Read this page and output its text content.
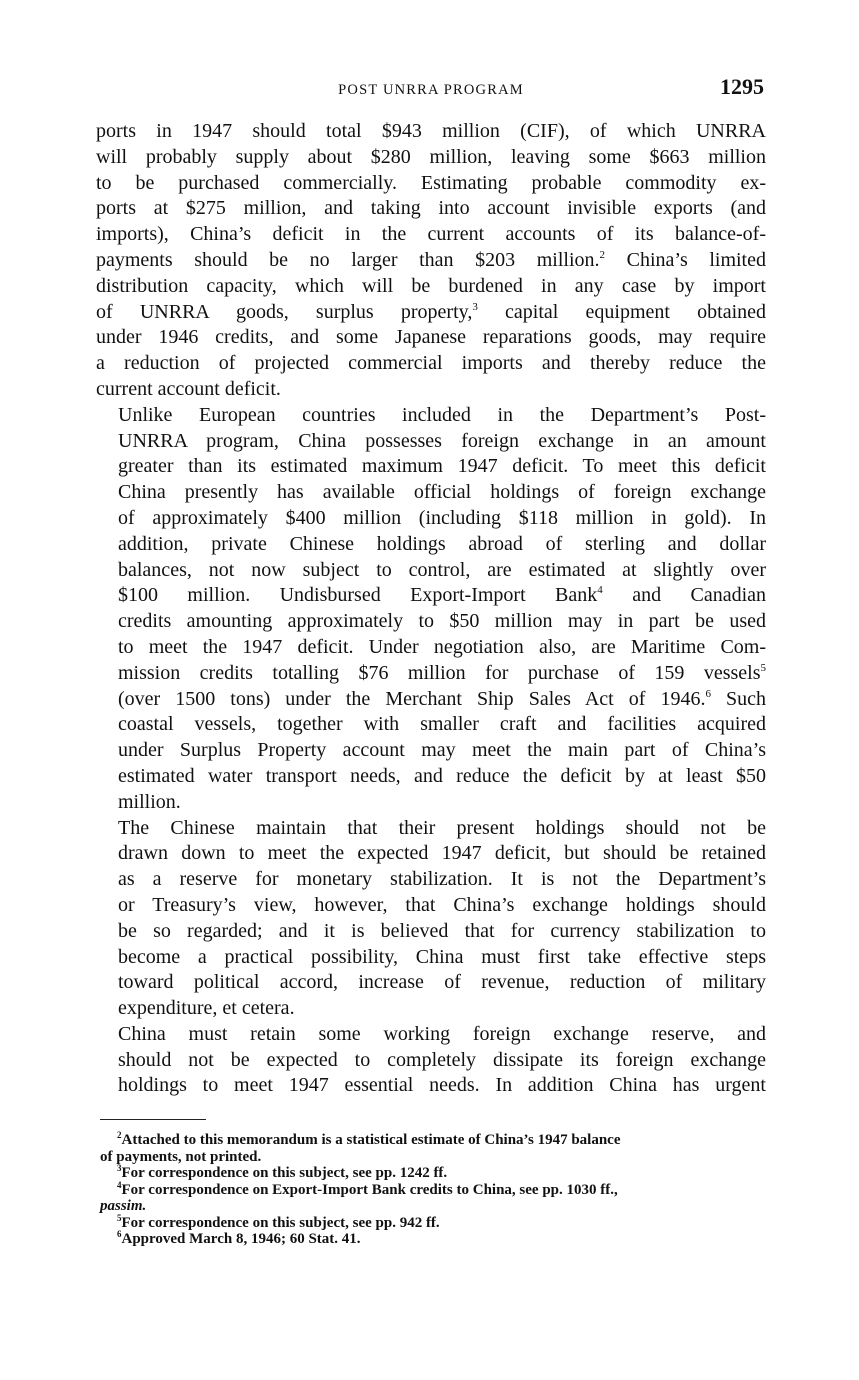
POST UNRRA PROGRAM	1295

ports in 1947 should total $943 million (CIF), of which UNRRA
will probably supply about $280 million, leaving some $663 million
to be purchased commercially. Estimating probable commodity ex-
ports at $275 million, and taking into account invisible exports (and
imports), China’s deficit in the current accounts of its balance-of-
payments should be no larger than $203 million.$^2$ China’s limited
distribution capacity, which will be burdened in any case by import
of UNRRA goods, surplus property,$^3$ capital equipment obtained
under 1946 credits, and some Japanese reparations goods, may require
a reduction of projected commercial imports and thereby reduce the
current account deficit.

Unlike European countries included in the Department’s Post-
UNRRA program, China possesses foreign exchange in an amount
greater than its estimated maximum 1947 deficit. To meet this deficit
China presently has available official holdings of foreign exchange
of approximately $400 million (including $118 million in gold). In
addition, private Chinese holdings abroad of sterling and dollar
balances, not now subject to control, are estimated at slightly over
$100 million. Undisbursed Export-Import Bank$^4$ and Canadian
credits amounting approximately to $50 million may in part be used
to meet the 1947 deficit. Under negotiation also, are Maritime Com-
mission credits totalling $76 million for purchase of 159 vessels$^5$
(over 1500 tons) under the Merchant Ship Sales Act of 1946.$^6$ Such
coastal vessels, together with smaller craft and facilities acquired
under Surplus Property account may meet the main part of China’s
estimated water transport needs, and reduce the deficit by at least $50
million.

The Chinese maintain that their present holdings should not be
drawn down to meet the expected 1947 deficit, but should be retained
as a reserve for monetary stabilization. It is not the Department’s
or Treasury’s view, however, that China’s exchange holdings should
be so regarded; and it is believed that for currency stabilization to
become a practical possibility, China must first take effective steps
toward political accord, increase of revenue, reduction of military
expenditure, et cetera.

China must retain some working foreign exchange reserve, and
should not be expected to completely dissipate its foreign exchange
holdings to meet 1947 essential needs. In addition China has urgent

$^2$Attached to this memorandum is a statistical estimate of China’s 1947 balance
of payments, not printed.
$^3$For correspondence on this subject, see pp. 1242 ff.
$^4$For correspondence on Export-Import Bank credits to China, see pp. 1030 ff.,
passim.
$^5$For correspondence on this subject, see pp. 942 ff.
$^6$Approved March 8, 1946; 60 Stat. 41.
